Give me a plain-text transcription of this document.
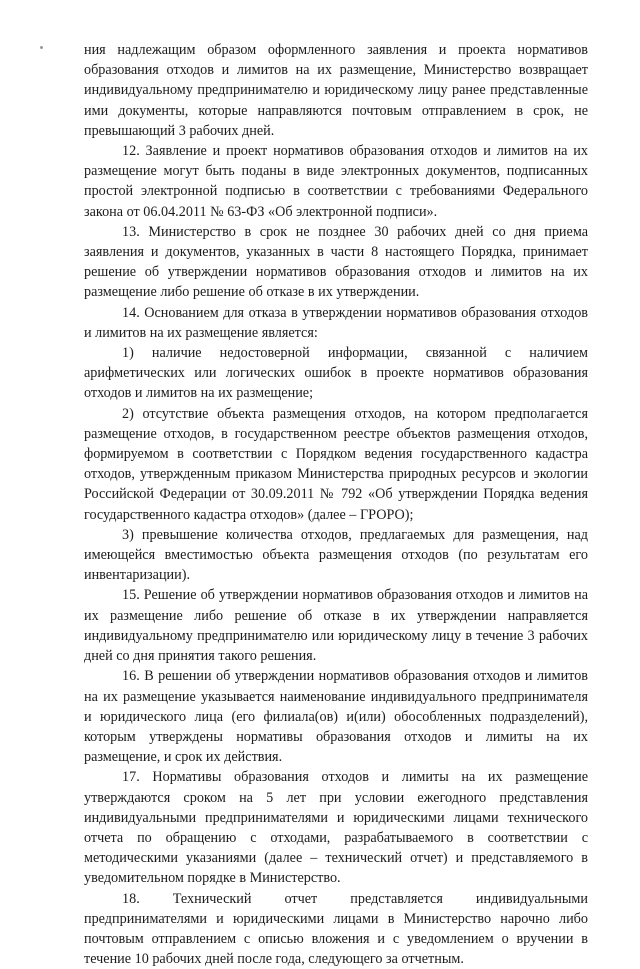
ния надлежащим образом оформленного заявления и проекта нормативов образования отходов и лимитов на их размещение, Министерство возвращает индивидуальному предпринимателю и юридическому лицу ранее представленные ими документы, которые направляются почтовым отправлением в срок, не превышающий 3 рабочих дней.

12. Заявление и проект нормативов образования отходов и лимитов на их размещение могут быть поданы в виде электронных документов, подписанных простой электронной подписью в соответствии с требованиями Федерального закона от 06.04.2011 № 63-ФЗ «Об электронной подписи».

13. Министерство в срок не позднее 30 рабочих дней со дня приема заявления и документов, указанных в части 8 настоящего Порядка, принимает решение об утверждении нормативов образования отходов и лимитов на их размещение либо решение об отказе в их утверждении.

14. Основанием для отказа в утверждении нормативов образования отходов и лимитов на их размещение является:

1) наличие недостоверной информации, связанной с наличием арифметических или логических ошибок в проекте нормативов образования отходов и лимитов на их размещение;

2) отсутствие объекта размещения отходов, на котором предполагается размещение отходов, в государственном реестре объектов размещения отходов, формируемом в соответствии с Порядком ведения государственного кадастра отходов, утвержденным приказом Министерства природных ресурсов и экологии Российской Федерации от 30.09.2011 № 792 «Об утверждении Порядка ведения государственного кадастра отходов» (далее – ГРОРО);

3) превышение количества отходов, предлагаемых для размещения, над имеющейся вместимостью объекта размещения отходов (по результатам его инвентаризации).

15. Решение об утверждении нормативов образования отходов и лимитов на их размещение либо решение об отказе в их утверждении направляется индивидуальному предпринимателю или юридическому лицу в течение 3 рабочих дней со дня принятия такого решения.

16. В решении об утверждении нормативов образования отходов и лимитов на их размещение указывается наименование индивидуального предпринимателя и юридического лица (его филиала(ов) и(или) обособленных подразделений), которым утверждены нормативы образования отходов и лимиты на их размещение, и срок их действия.

17. Нормативы образования отходов и лимиты на их размещение утверждаются сроком на 5 лет при условии ежегодного представления индивидуальными предпринимателями и юридическими лицами технического отчета по обращению с отходами, разрабатываемого в соответствии с методическими указаниями (далее – технический отчет) и представляемого в уведомительном порядке в Министерство.

18. Технический отчет представляется индивидуальными предпринимателями и юридическими лицами в Министерство нарочно либо почтовым отправлением с описью вложения и с уведомлением о вручении в течение 10 рабочих дней после года, следующего за отчетным.
